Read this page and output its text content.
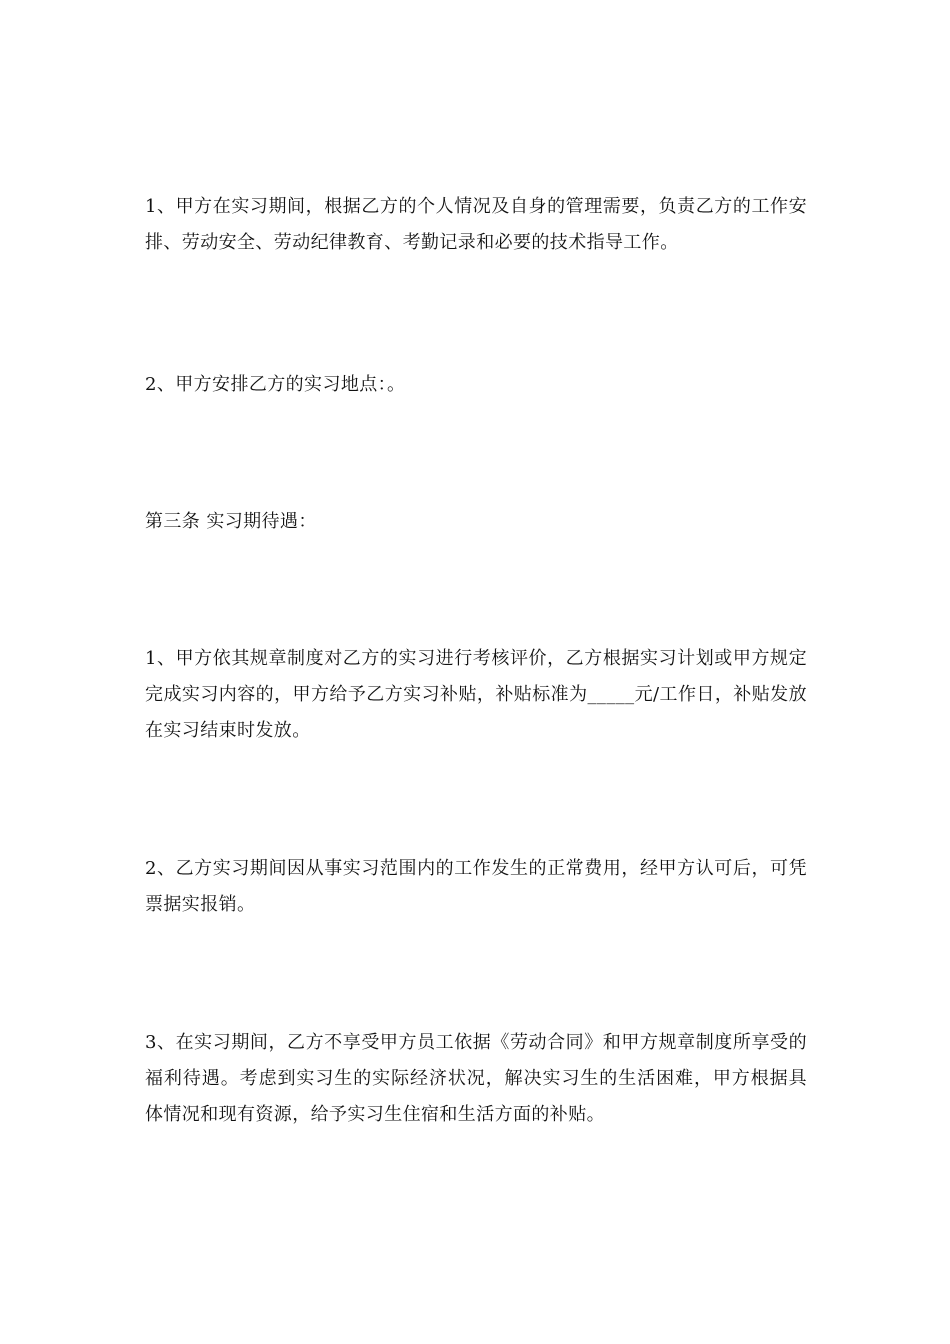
1、甲方在实习期间，根据乙方的个人情况及自身的管理需要，负责乙方的工作安排、劳动安全、劳动纪律教育、考勤记录和必要的技术指导工作。

2、甲方安排乙方的实习地点：。

第三条 实习期待遇：

1、甲方依其规章制度对乙方的实习进行考核评价，乙方根据实习计划或甲方规定完成实习内容的，甲方给予乙方实习补贴，补贴标准为_____元/工作日，补贴发放在实习结束时发放。

2、乙方实习期间因从事实习范围内的工作发生的正常费用，经甲方认可后，可凭票据实报销。

3、在实习期间，乙方不享受甲方员工依据《劳动合同》和甲方规章制度所享受的福利待遇。考虑到实习生的实际经济状况，解决实习生的生活困难，甲方根据具体情况和现有资源，给予实习生住宿和生活方面的补贴。
